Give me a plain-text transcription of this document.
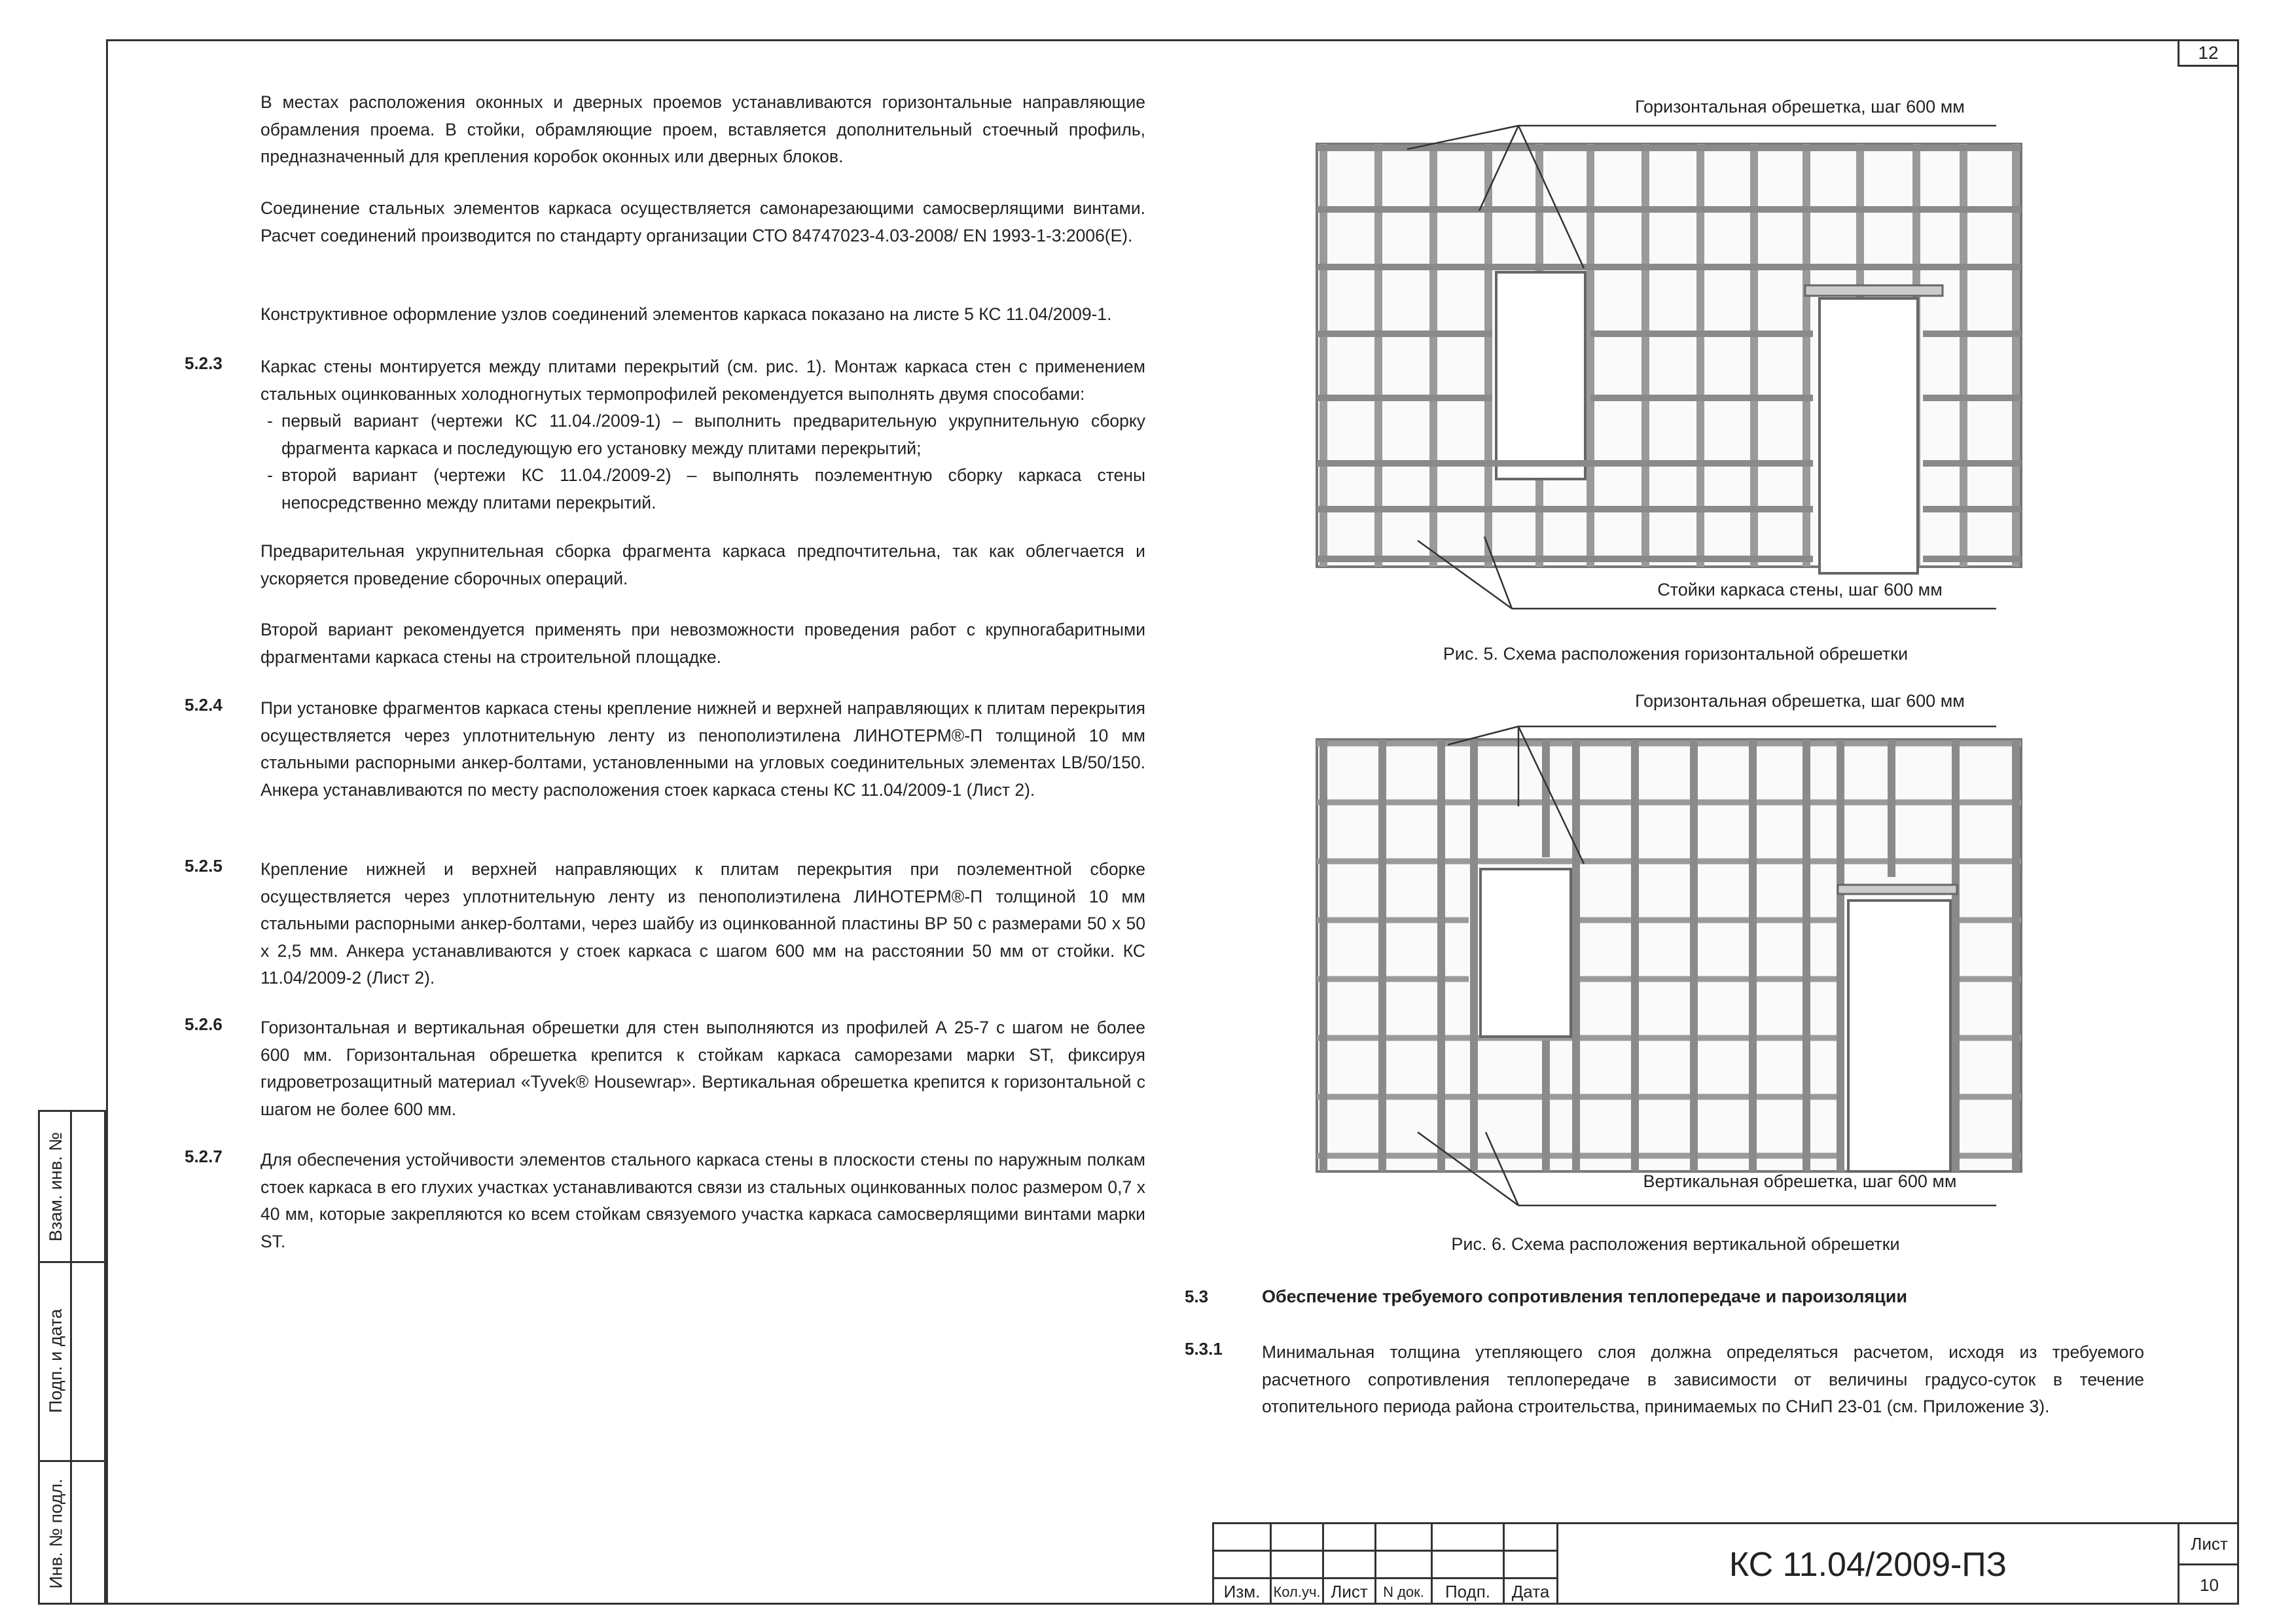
12
Взам. инв. №
Подп. и дата
Инв. № подл.

В местах расположения оконных и дверных проемов устанавливаются горизонтальные направляющие обрамления проема. В стойки, обрамляющие проем, вставляется дополнительный стоечный профиль, предназначенный для крепления коробок оконных или дверных блоков.

Соединение стальных элементов каркаса осуществляется самонарезающими самосверлящими винтами. Расчет соединений производится по стандарту организации СТО 84747023-4.03-2008/ EN 1993-1-3:2006(E).

Конструктивное оформление узлов соединений элементов каркаса показано на листе 5 КС 11.04/2009-1.

5.2.3 Каркас стены монтируется между плитами перекрытий (см. рис. 1). Монтаж каркаса стен с применением стальных оцинкованных холодногнутых термопрофилей рекомендуется выполнять двумя способами:

- первый вариант (чертежи КС 11.04./2009-1) – выполнить предварительную укрупнительную сборку фрагмента каркаса и последующую его установку между плитами перекрытий;
- второй вариант (чертежи КС 11.04./2009-2) – выполнять поэлементную сборку каркаса стены непосредственно между плитами перекрытий.

Предварительная укрупнительная сборка фрагмента каркаса предпочтительна, так как облегчается и ускоряется проведение сборочных операций.

Второй вариант рекомендуется применять при невозможности проведения работ с крупногабаритными фрагментами каркаса стены на строительной площадке.

5.2.4 При установке фрагментов каркаса стены крепление нижней и верхней направляющих к плитам перекрытия осуществляется через уплотнительную ленту из пенополиэтилена ЛИНОТЕРМ®-П толщиной 10 мм стальными распорными анкер-болтами, установленными на угловых соединительных элементах LB/50/150. Анкера устанавливаются по месту расположения стоек каркаса стены КС 11.04/2009-1 (Лист 2).

5.2.5 Крепление нижней и верхней направляющих к плитам перекрытия при поэлементной сборке осуществляется через уплотнительную ленту из пенополиэтилена ЛИНОТЕРМ®-П толщиной 10 мм стальными распорными анкер-болтами, через шайбу из оцинкованной пластины ВР 50 с размерами 50 х 50 х 2,5 мм. Анкера устанавливаются у стоек каркаса с шагом 600 мм на расстоянии 50 мм от стойки. КС 11.04/2009-2 (Лист 2).

5.2.6 Горизонтальная и вертикальная обрешетки для стен выполняются из профилей А 25-7 с шагом не более 600 мм. Горизонтальная обрешетка крепится к стойкам каркаса саморезами марки ST, фиксируя гидроветрозащитный материал «Tyvek® Housewrap». Вертикальная обрешетка крепится к горизонтальной с шагом не более 600 мм.

5.2.7 Для обеспечения устойчивости элементов стального каркаса стены в плоскости стены по наружным полкам стоек каркаса в его глухих участках устанавливаются связи из стальных оцинкованных полос размером 0,7 х 40 мм, которые закрепляются ко всем стойкам связуемого участка каркаса самосверлящими винтами марки ST.

Горизонтальная обрешетка, шаг 600 мм
Стойки каркаса стены, шаг 600 мм
Рис. 5. Схема расположения горизонтальной обрешетки
Горизонтальная обрешетка, шаг 600 мм
Вертикальная обрешетка, шаг 600 мм
Рис. 6. Схема расположения вертикальной обрешетки
5.3	Обеспечение требуемого сопротивления теплопередаче и пароизоляции
5.3.1 Минимальная толщина утепляющего слоя должна определяться расчетом, исходя из требуемого расчетного сопротивления теплопередаче в зависимости от величины градусо-суток в течение отопительного периода района строительства, принимаемых по СНиП 23-01 (см. Приложение 3).

Изм. Кол.уч. Лист	N док.	Подп.	Дата
КС 11.04/2009-ПЗ
Лист
10
